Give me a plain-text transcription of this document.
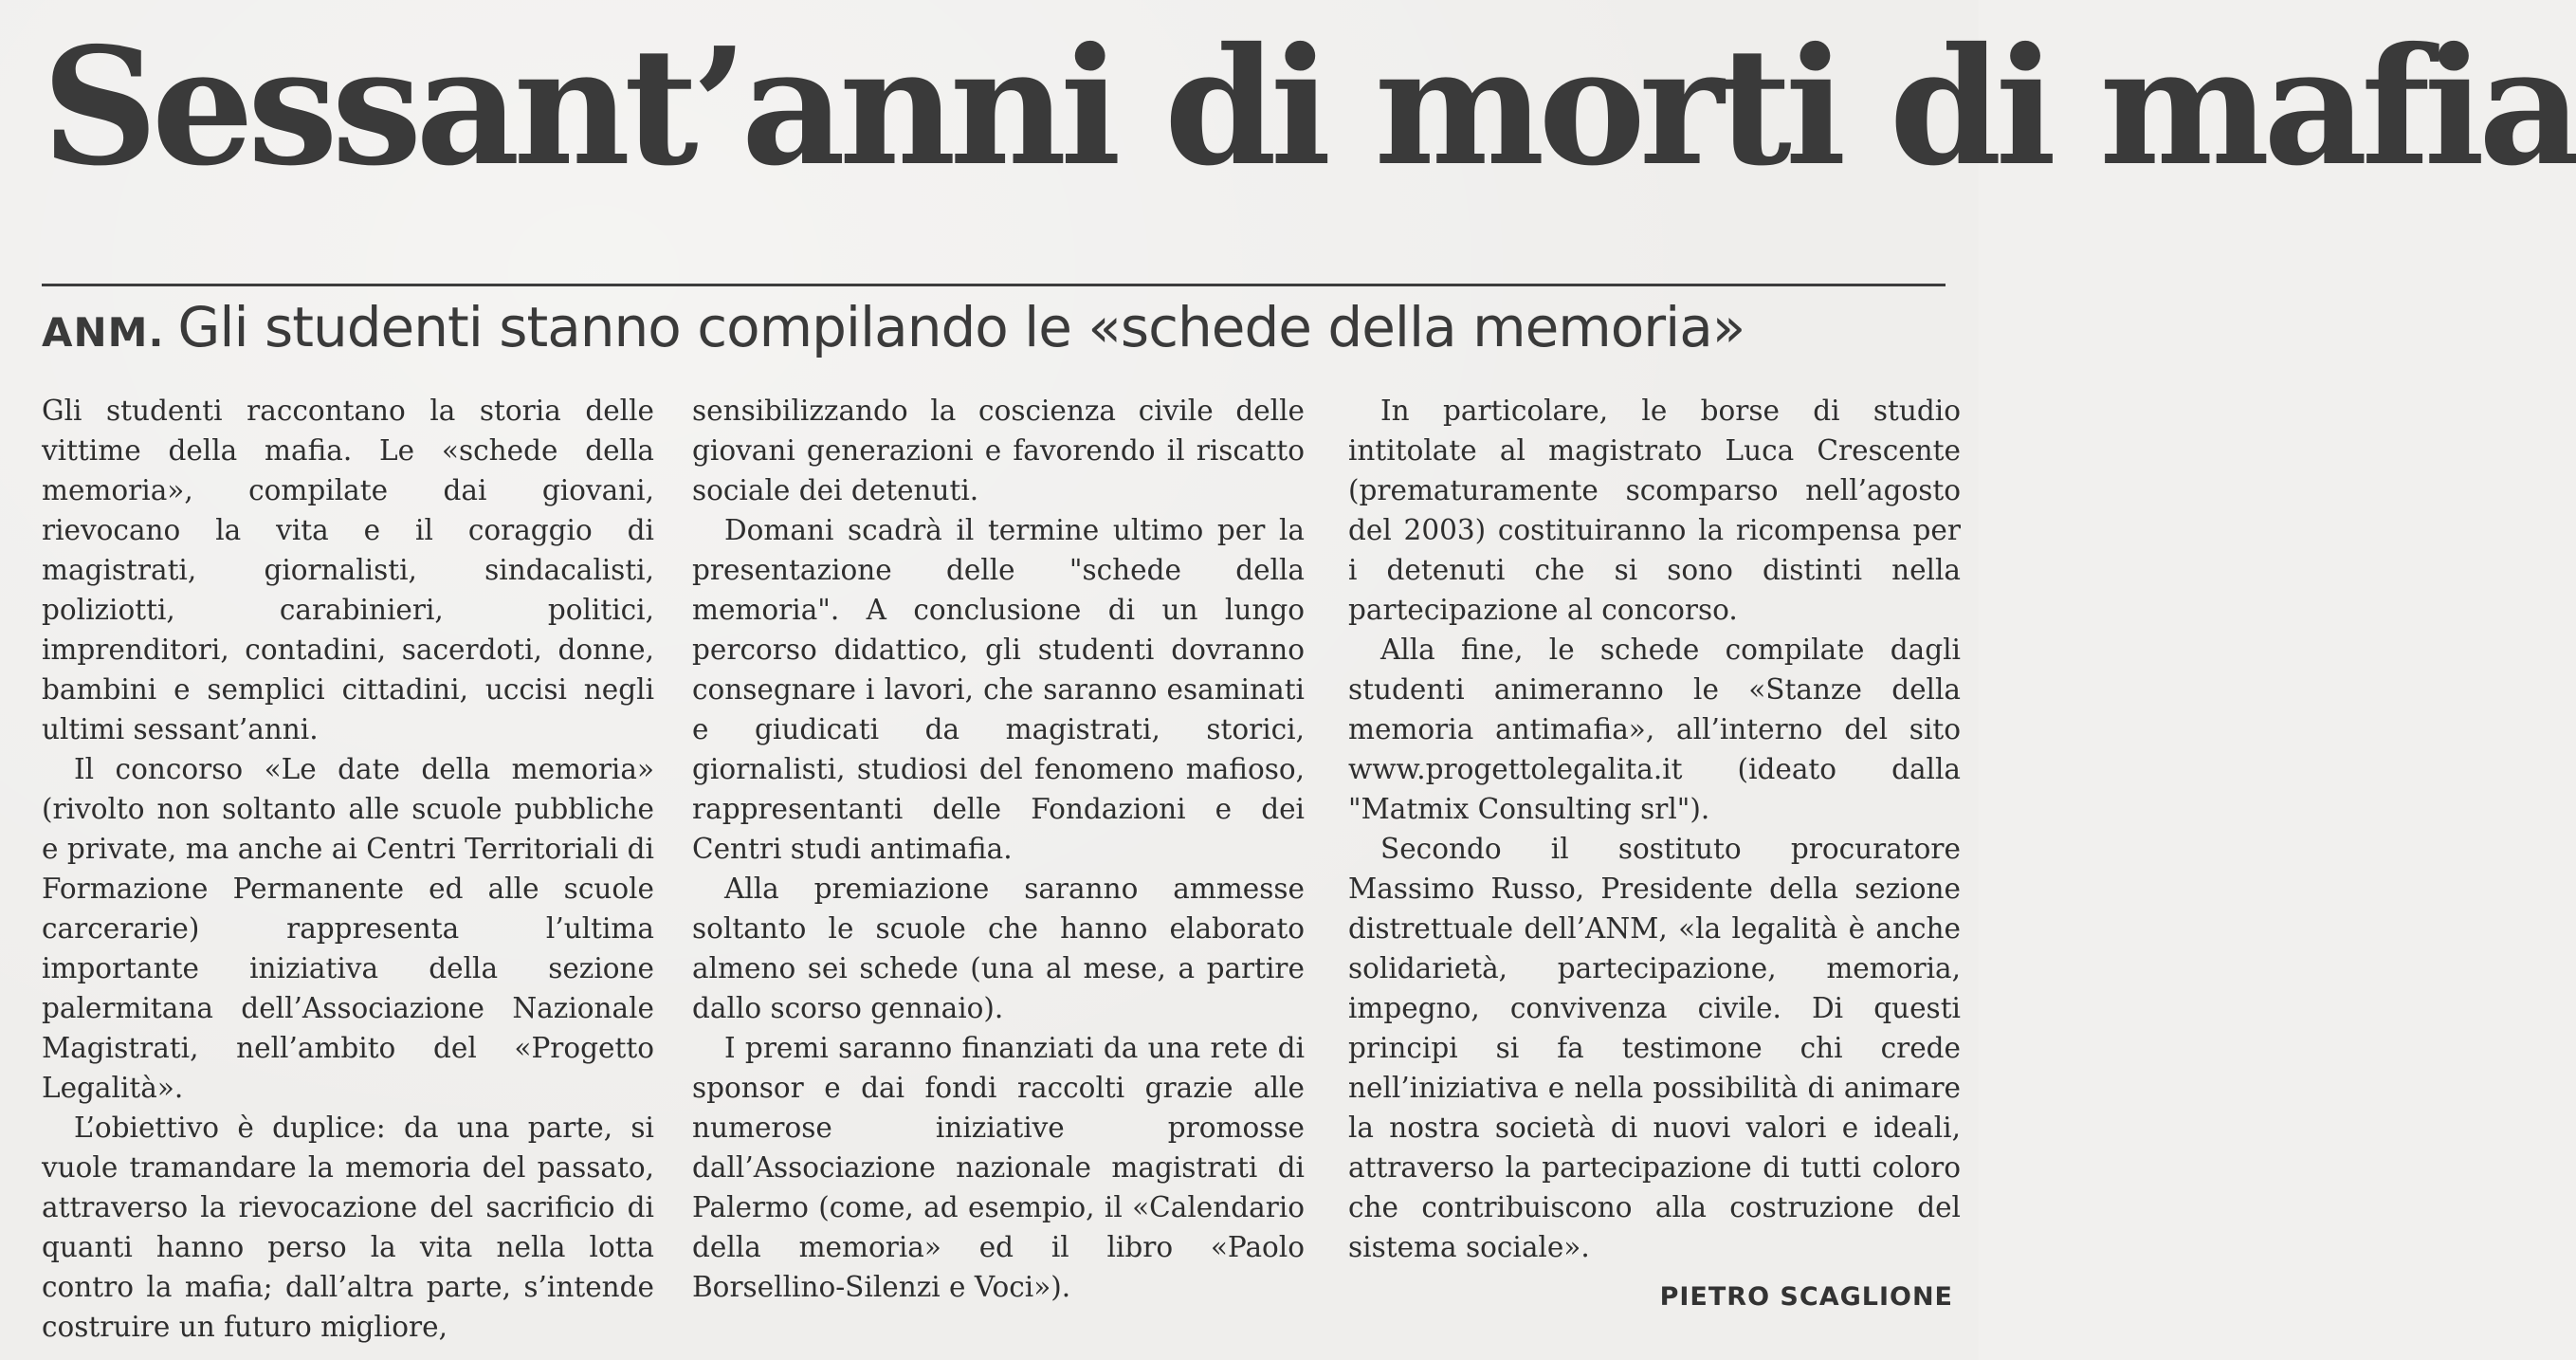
Sessant’anni di morti di mafia
ANM. Gli studenti stanno compilando le «schede della memoria»

Gli studenti raccontano la storia delle vittime della mafia. Le «schede della memoria», compilate dai giovani, rievocano la vita e il coraggio di magistrati, giornalisti, sindacalisti, poliziotti, carabinieri, politici, imprenditori, contadini, sacerdoti, donne, bambini e semplici cittadini, uccisi negli ultimi sessant’anni.

Il concorso «Le date della memoria» (rivolto non soltanto alle scuole pubbliche e private, ma anche ai Centri Territoriali di Formazione Permanente ed alle scuole carcerarie) rappresenta l’ultima importante iniziativa della sezione palermitana dell’Associazione Nazionale Magistrati, nell’ambito del «Progetto Legalità».

L’obiettivo è duplice: da una parte, si vuole tramandare la memoria del passato, attraverso la rievocazione del sacrificio di quanti hanno perso la vita nella lotta contro la mafia; dall’altra parte, s’intende costruire un futuro migliore,

sensibilizzando la coscienza civile delle giovani generazioni e favorendo il riscatto sociale dei detenuti.

Domani scadrà il termine ultimo per la presentazione delle "schede della memoria". A conclusione di un lungo percorso didattico, gli studenti dovranno consegnare i lavori, che saranno esaminati e giudicati da magistrati, storici, giornalisti, studiosi del fenomeno mafioso, rappresentanti delle Fondazioni e dei Centri studi antimafia.

Alla premiazione saranno ammesse soltanto le scuole che hanno elaborato almeno sei schede (una al mese, a partire dallo scorso gennaio).

I premi saranno finanziati da una rete di sponsor e dai fondi raccolti grazie alle numerose iniziative promosse dall’Associazione nazionale magistrati di Palermo (come, ad esempio, il «Calendario della memoria» ed il libro «Paolo Borsellino-Silenzi e Voci»).

In particolare, le borse di studio intitolate al magistrato Luca Crescente (prematuramente scomparso nell’agosto del 2003) costituiranno la ricompensa per i detenuti che si sono distinti nella partecipazione al concorso.

Alla fine, le schede compilate dagli studenti animeranno le «Stanze della memoria antimafia», all’interno del sito www.progettolegalita.it (ideato dalla "Matmix Consulting srl").

Secondo il sostituto procuratore Massimo Russo, Presidente della sezione distrettuale dell’ANM, «la legalità è anche solidarietà, partecipazione, memoria, impegno, convivenza civile. Di questi principi si fa testimone chi crede nell’iniziativa e nella possibilità di animare la nostra società di nuovi valori e ideali, attraverso la partecipazione di tutti coloro che contribuiscono alla costruzione del sistema sociale».

PIETRO SCAGLIONE
